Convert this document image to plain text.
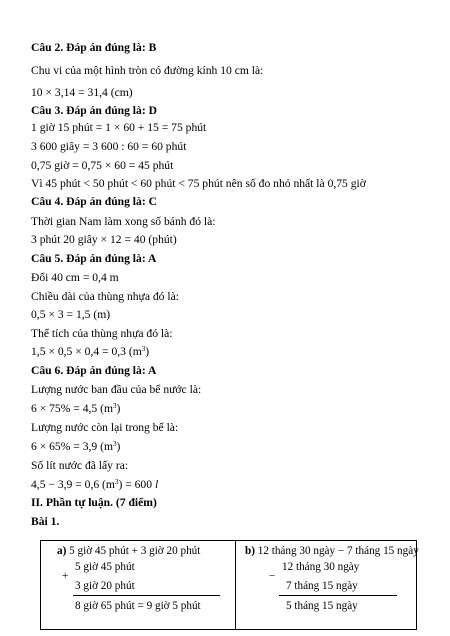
Câu 2. Đáp án đúng là: B
Chu vi của một hình tròn có đường kính 10 cm là:
10 × 3,14 = 31,4 (cm)
Câu 3. Đáp án đúng là: D
1 giờ 15 phút = 1 × 60 + 15 = 75 phút
3 600 giây = 3 600 : 60 = 60 phút
0,75 giờ = 0,75 × 60 = 45 phút
Vì 45 phút < 50 phút < 60 phút < 75 phút nên số đo nhỏ nhất là 0,75 giờ
Câu 4. Đáp án đúng là: C
Thời gian Nam làm xong số bánh đó là:
3 phút 20 giây × 12 = 40 (phút)
Câu 5. Đáp án đúng là: A
Đổi 40 cm = 0,4 m
Chiều dài của thùng nhựa đó là:
0,5 × 3 = 1,5 (m)
Thể tích của thùng nhựa đó là:
1,5 × 0,5 × 0,4 = 0,3 $(m^3)$
Câu 6. Đáp án đúng là: A
Lượng nước ban đầu của bể nước là:
6 × 75% = 4,5 $(m^3)$
Lượng nước còn lại trong bể là:
6 × 65% = 3,9 $(m^3)$
Số lít nước đã lấy ra:
4,5 − 3,9 = 0,6 $(m^3) = 600$ l
II. Phần tự luận. (7 điểm)
Bài 1.
a) 5 giờ 45 phút + 3 giờ 20 phút
5 giờ 45 phút
+
3 giờ 20 phút
8 giờ 65 phút = 9 giờ 5 phút
b) 12 tháng 30 ngày − 7 tháng 15 ngày
12 tháng 30 ngày
−
7 tháng 15 ngày
5 tháng 15 ngày
